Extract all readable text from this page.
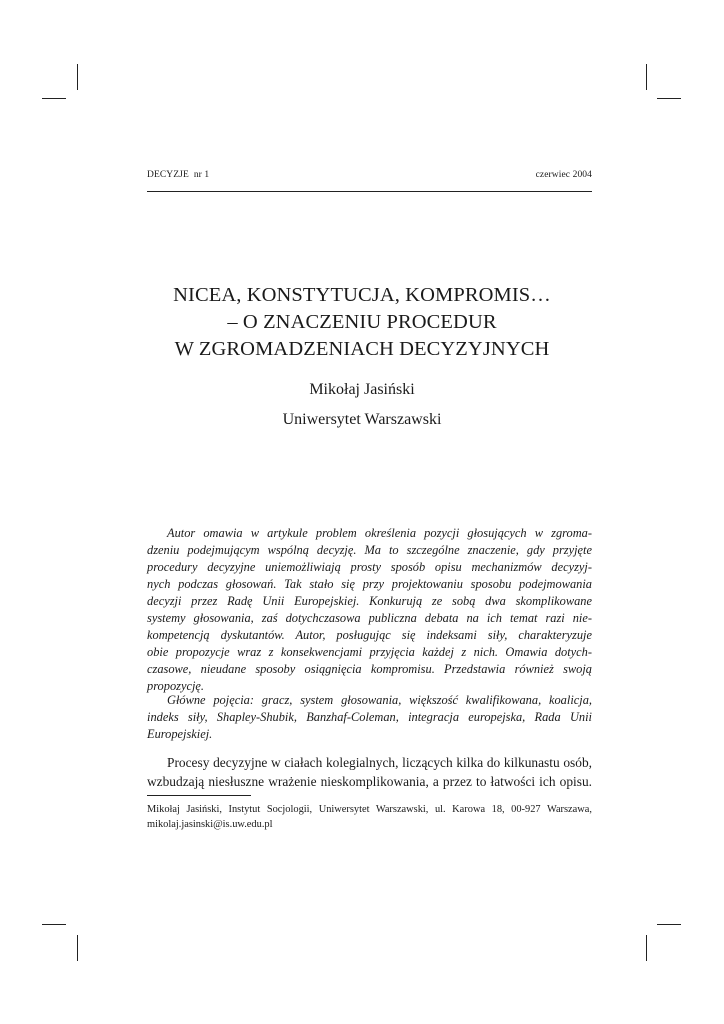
DECYZJE  nr 1	czerwiec 2004
NICEA, KONSTYTUCJA, KOMPROMIS…
– O ZNACZENIU PROCEDUR
W ZGROMADZENIACH DECYZYJNYCH
Mikołaj Jasiński
Uniwersytet Warszawski
Autor omawia w artykule problem określenia pozycji głosujących w zgroma-
dzeniu podejmującym wspólną decyzję. Ma to szczególne znaczenie, gdy przyjęte
procedury decyzyjne uniemożliwiają prosty sposób opisu mechanizmów decyzyj-
nych podczas głosowań. Tak stało się przy projektowaniu sposobu podejmowania
decyzji przez Radę Unii Europejskiej. Konkurują ze sobą dwa skomplikowane
systemy głosowania, zaś dotychczasowa publiczna debata na ich temat razi nie-
kompetencją dyskutantów. Autor, posługując się indeksami siły, charakteryzuje
obie propozycje wraz z konsekwencjami przyjęcia każdej z nich. Omawia dotych-
czasowe, nieudane sposoby osiągnięcia kompromisu. Przedstawia również swoją
propozycję.
Główne pojęcia: gracz, system głosowania, większość kwalifikowana, koalicja,
indeks siły, Shapley-Shubik, Banzhaf-Coleman, integracja europejska, Rada Unii
Europejskiej.
Procesy decyzyjne w ciałach kolegialnych, liczących kilka do kilkunastu osób,
wzbudzają niesłuszne wrażenie nieskomplikowania, a przez to łatwości ich opisu.
Mikołaj Jasiński, Instytut Socjologii, Uniwersytet Warszawski, ul. Karowa 18, 00-927 Warszawa,
mikolaj.jasinski@is.uw.edu.pl
